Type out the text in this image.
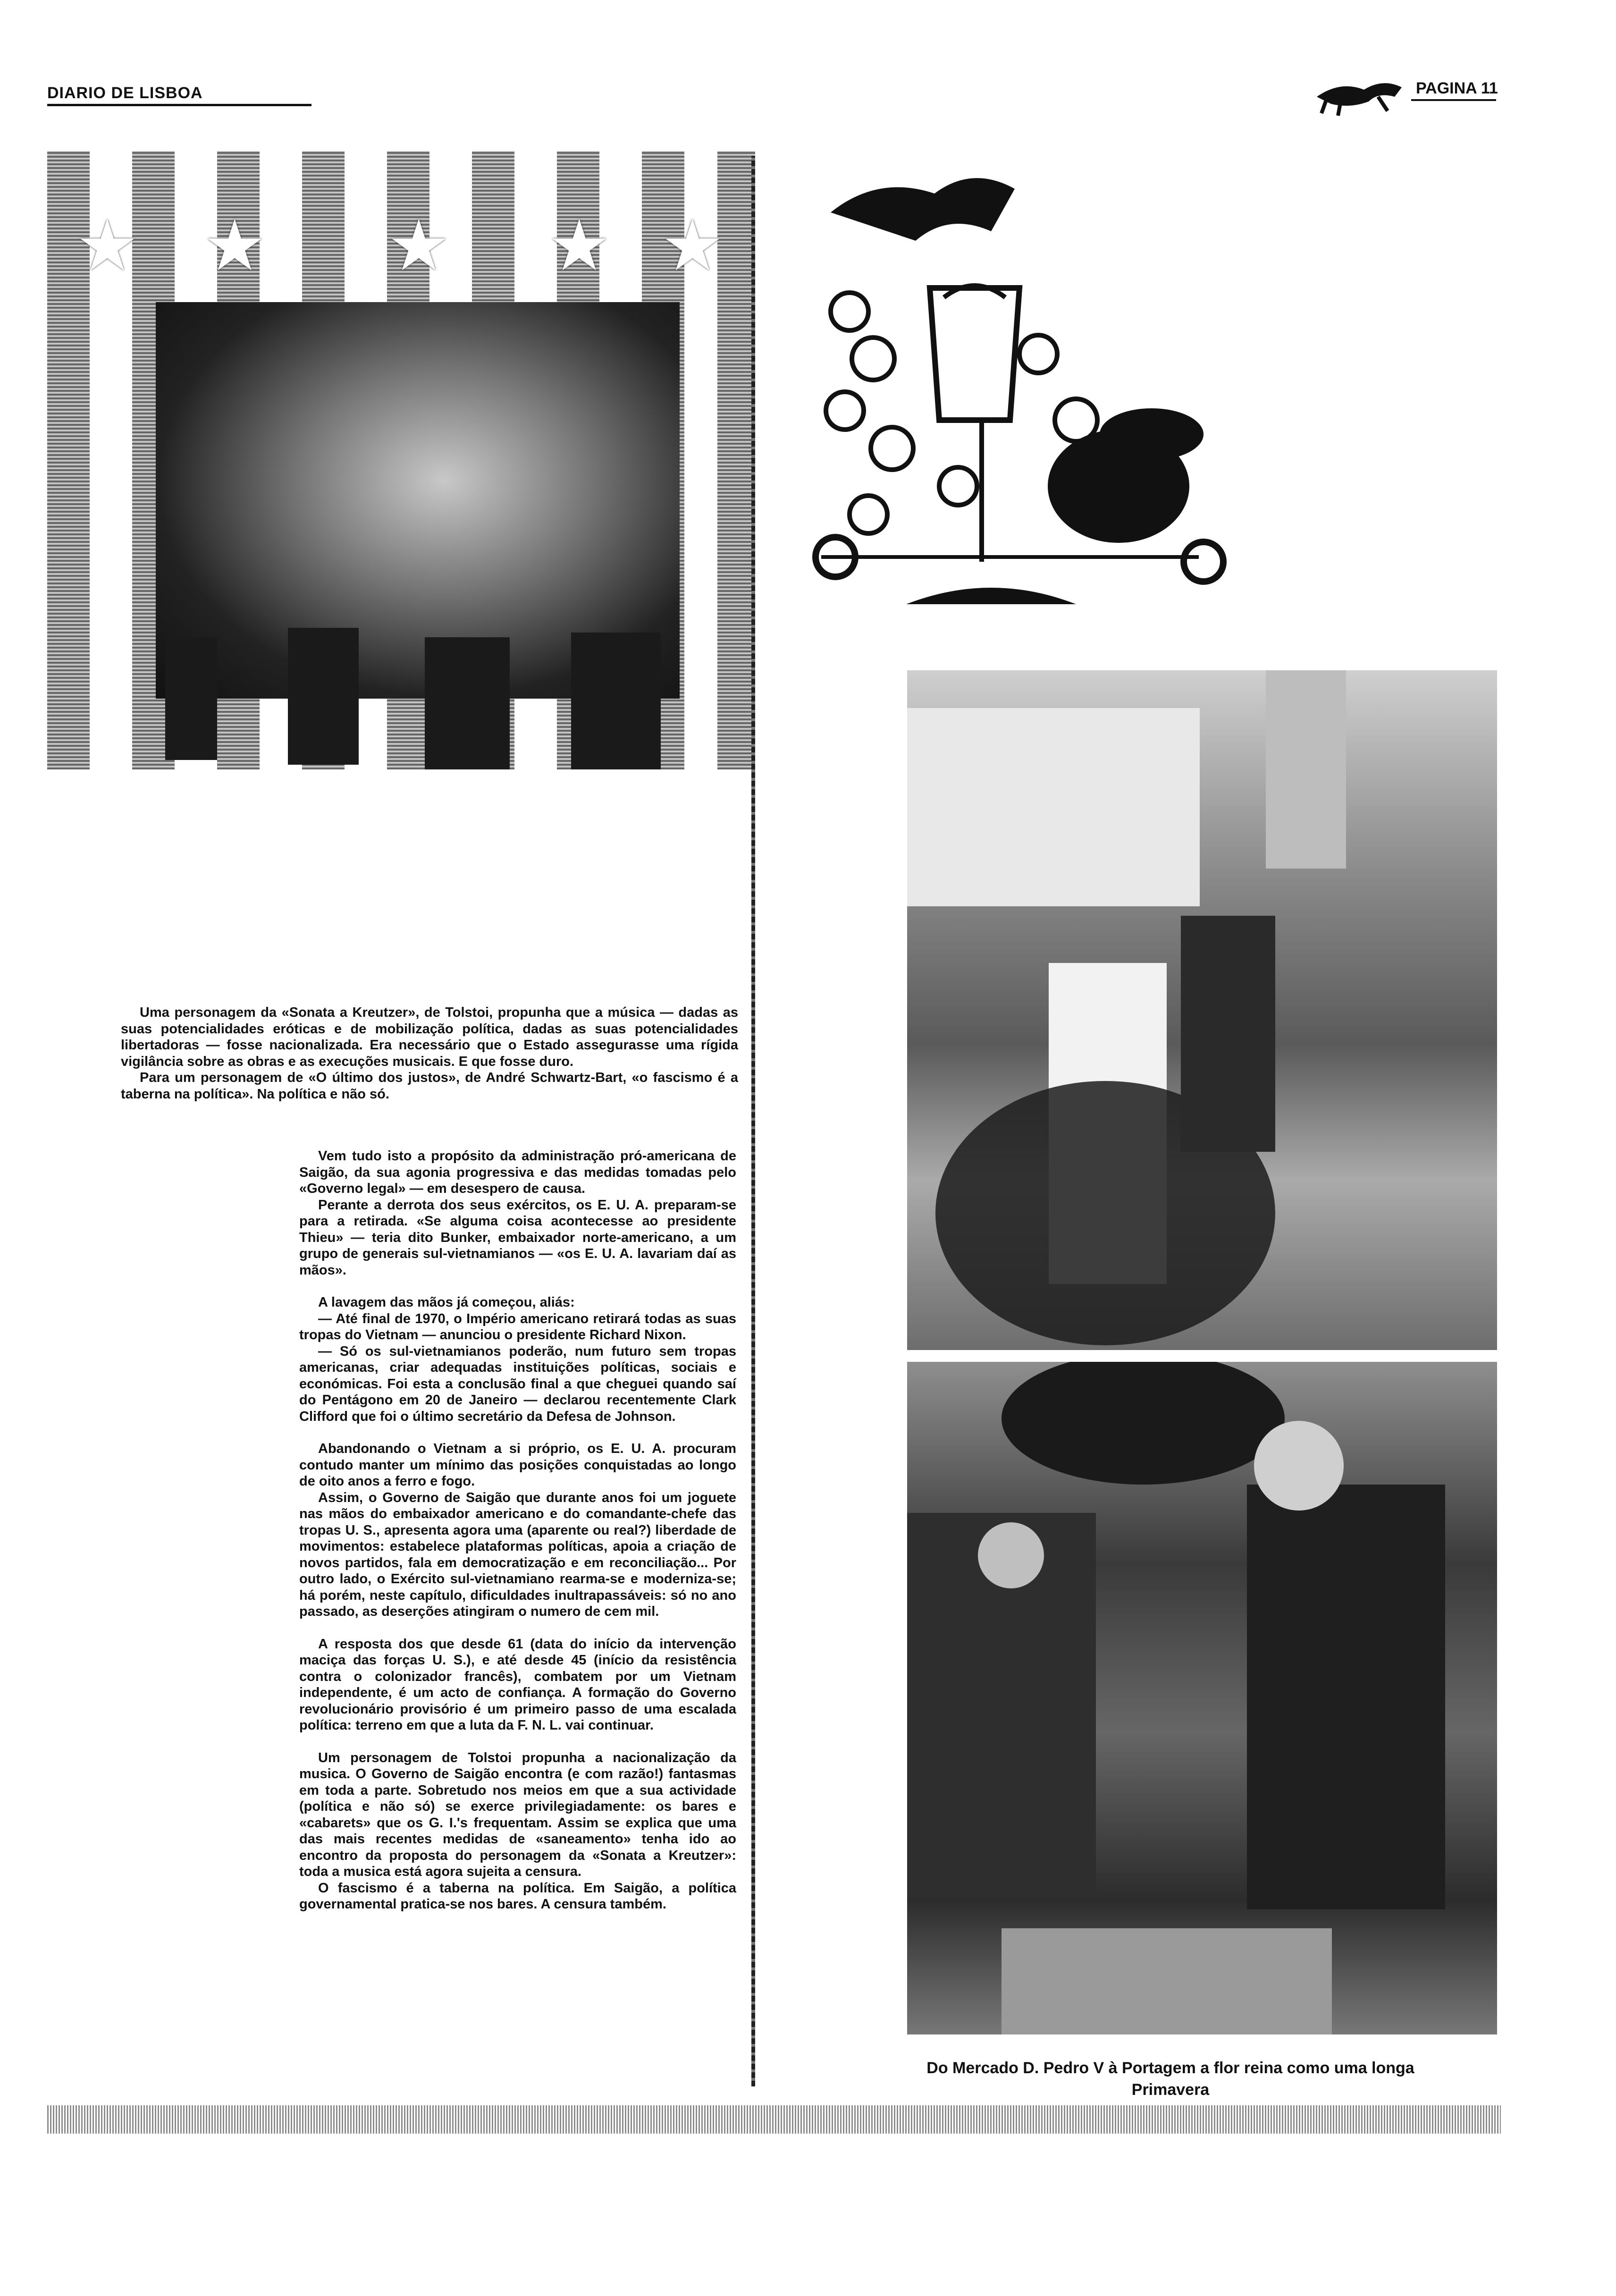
DIARIO DE LISBOA	PAGINA 11
★ ★ ★ ★ ★

Uma personagem da «Sonata a Kreutzer», de Tolstoi, propunha que a música — dadas as suas potencialidades eróticas e de mobilização política, dadas as suas potencialidades libertadoras — fosse nacionalizada. Era necessário que o Estado assegurasse uma rígida vigilância sobre as obras e as execuções musicais. E que fosse duro.

Para um personagem de «O último dos justos», de André Schwartz-Bart, «o fascismo é a taberna na política». Na política e não só.

Vem tudo isto a propósito da administração pró-americana de Saigão, da sua agonia progressiva e das medidas tomadas pelo «Governo legal» — em desespero de causa.

Perante a derrota dos seus exércitos, os E. U. A. preparam-se para a retirada. «Se alguma coisa acontecesse ao presidente Thieu» — teria dito Bunker, embaixador norte-americano, a um grupo de generais sul-vietnamianos — «os E. U. A. lavariam daí as mãos».

A lavagem das mãos já começou, aliás:

— Até final de 1970, o Império americano retirará todas as suas tropas do Vietnam — anunciou o presidente Richard Nixon.

— Só os sul-vietnamianos poderão, num futuro sem tropas americanas, criar adequadas instituições políticas, sociais e económicas. Foi esta a conclusão final a que cheguei quando saí do Pentágono em 20 de Janeiro — declarou recentemente Clark Clifford que foi o último secretário da Defesa de Johnson.

Abandonando o Vietnam a si próprio, os E. U. A. procuram contudo manter um mínimo das posições conquistadas ao longo de oito anos a ferro e fogo.

Assim, o Governo de Saigão que durante anos foi um joguete nas mãos do embaixador americano e do comandante-chefe das tropas U. S., apresenta agora uma (aparente ou real?) liberdade de movimentos: estabelece plataformas políticas, apoia a criação de novos partidos, fala em democratização e em reconciliação... Por outro lado, o Exército sul-vietnamiano rearma-se e moderniza-se; há porém, neste capítulo, dificuldades inultrapassáveis: só no ano passado, as deserções atingiram o numero de cem mil.

A resposta dos que desde 61 (data do início da intervenção maciça das forças U. S.), e até desde 45 (início da resistência contra o colonizador francês), combatem por um Vietnam independente, é um acto de confiança. A formação do Governo revolucionário provisório é um primeiro passo de uma escalada política: terreno em que a luta da F. N. L. vai continuar.

Um personagem de Tolstoi propunha a nacionalização da musica. O Governo de Saigão encontra (e com razão!) fantasmas em toda a parte. Sobretudo nos meios em que a sua actividade (política e não só) se exerce privilegiadamente: os bares e «cabarets» que os G. I.'s frequentam. Assim se explica que uma das mais recentes medidas de «saneamento» tenha ido ao encontro da proposta do personagem da «Sonata a Kreutzer»: toda a musica está agora sujeita a censura.

O fascismo é a taberna na política. Em Saigão, a política governamental pratica-se nos bares. A censura também.

Do Mercado D. Pedro V à Portagem a flor reina como uma longa
Primavera
